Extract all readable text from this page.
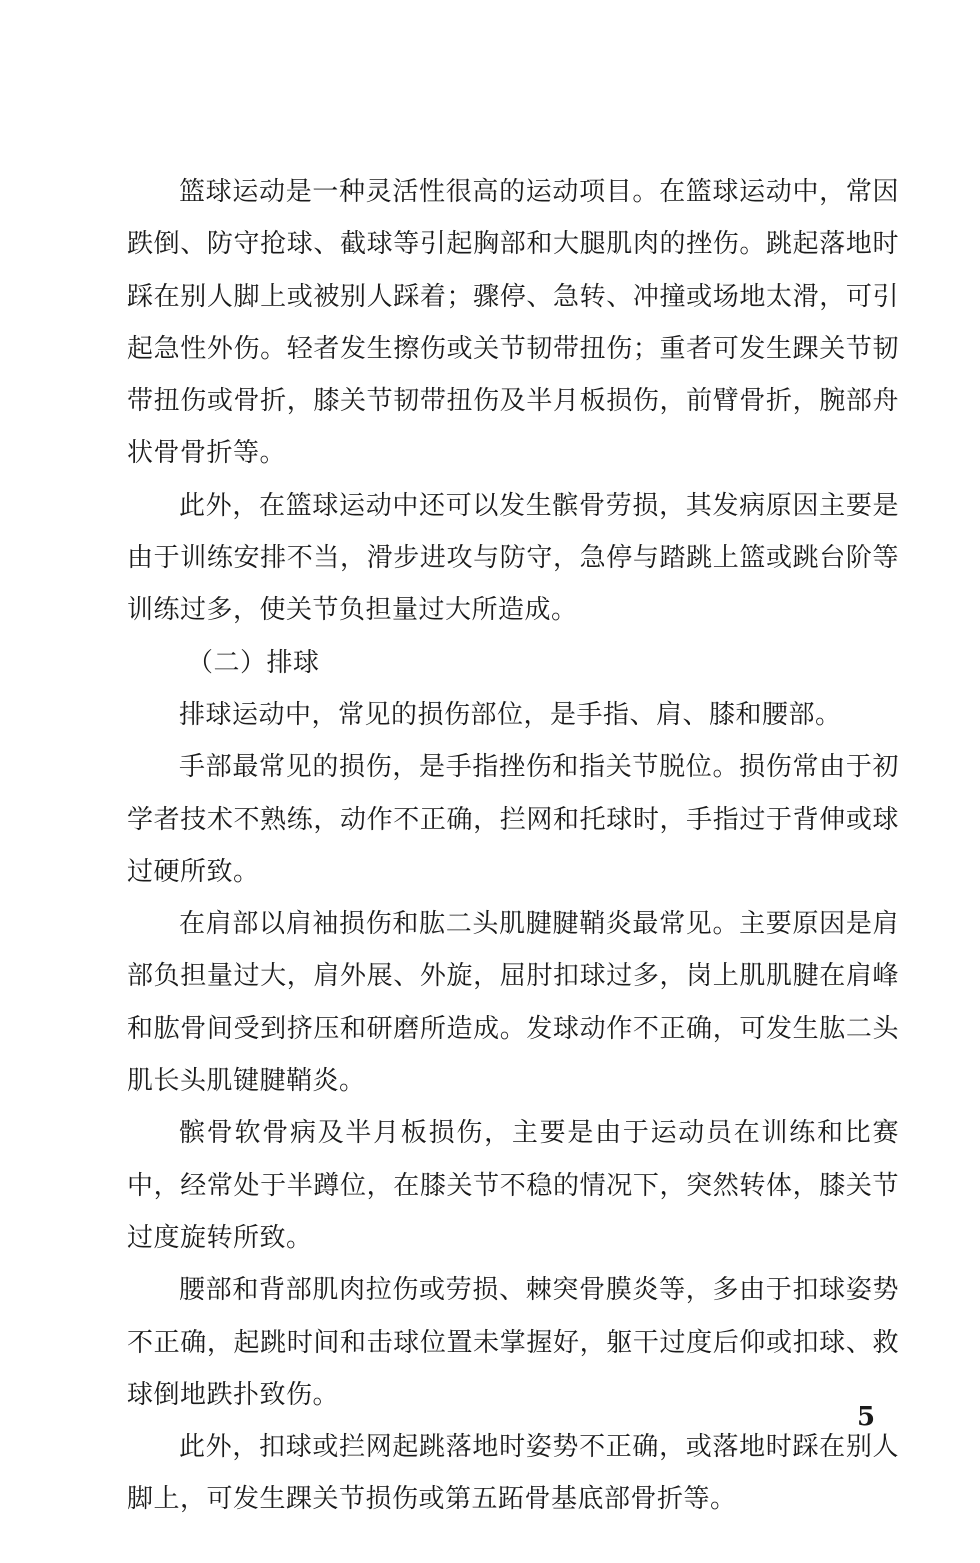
篮球运动是一种灵活性很高的运动项目。在篮球运动中，常因跌倒、防守抢球、截球等引起胸部和大腿肌肉的挫伤。跳起落地时踩在别人脚上或被别人踩着；骤停、急转、冲撞或场地太滑，可引起急性外伤。轻者发生擦伤或关节韧带扭伤；重者可发生踝关节韧带扭伤或骨折，膝关节韧带扭伤及半月板损伤，前臂骨折，腕部舟状骨骨折等。

此外，在篮球运动中还可以发生髌骨劳损，其发病原因主要是由于训练安排不当，滑步进攻与防守，急停与踏跳上篮或跳台阶等训练过多，使关节负担量过大所造成。

（二）排球

排球运动中，常见的损伤部位，是手指、肩、膝和腰部。

手部最常见的损伤，是手指挫伤和指关节脱位。损伤常由于初学者技术不熟练，动作不正确，拦网和托球时，手指过于背伸或球过硬所致。

在肩部以肩袖损伤和肱二头肌腱腱鞘炎最常见。主要原因是肩部负担量过大，肩外展、外旋，屈肘扣球过多，岗上肌肌腱在肩峰和肱骨间受到挤压和研磨所造成。发球动作不正确，可发生肱二头肌长头肌键腱鞘炎。

髌骨软骨病及半月板损伤，主要是由于运动员在训练和比赛中，经常处于半蹲位，在膝关节不稳的情况下，突然转体，膝关节过度旋转所致。

腰部和背部肌肉拉伤或劳损、棘突骨膜炎等，多由于扣球姿势不正确，起跳时间和击球位置未掌握好，躯干过度后仰或扣球、救球倒地跌扑致伤。

此外，扣球或拦网起跳落地时姿势不正确，或落地时踩在别人脚上，可发生踝关节损伤或第五跖骨基底部骨折等。

5
